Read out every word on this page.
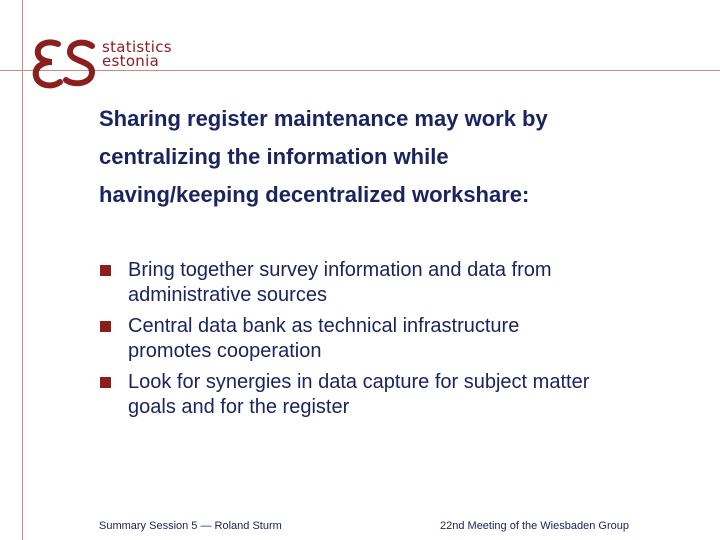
statistics
estonia
Sharing register maintenance may work by
centralizing the information while
having/keeping decentralized workshare:
Bring together survey information and data from
administrative sources
Central data bank as technical infrastructure
promotes cooperation
Look for synergies in data capture for subject matter
goals and for the register
Summary Session 5 — Roland Sturm	22nd Meeting of the Wiesbaden Group
